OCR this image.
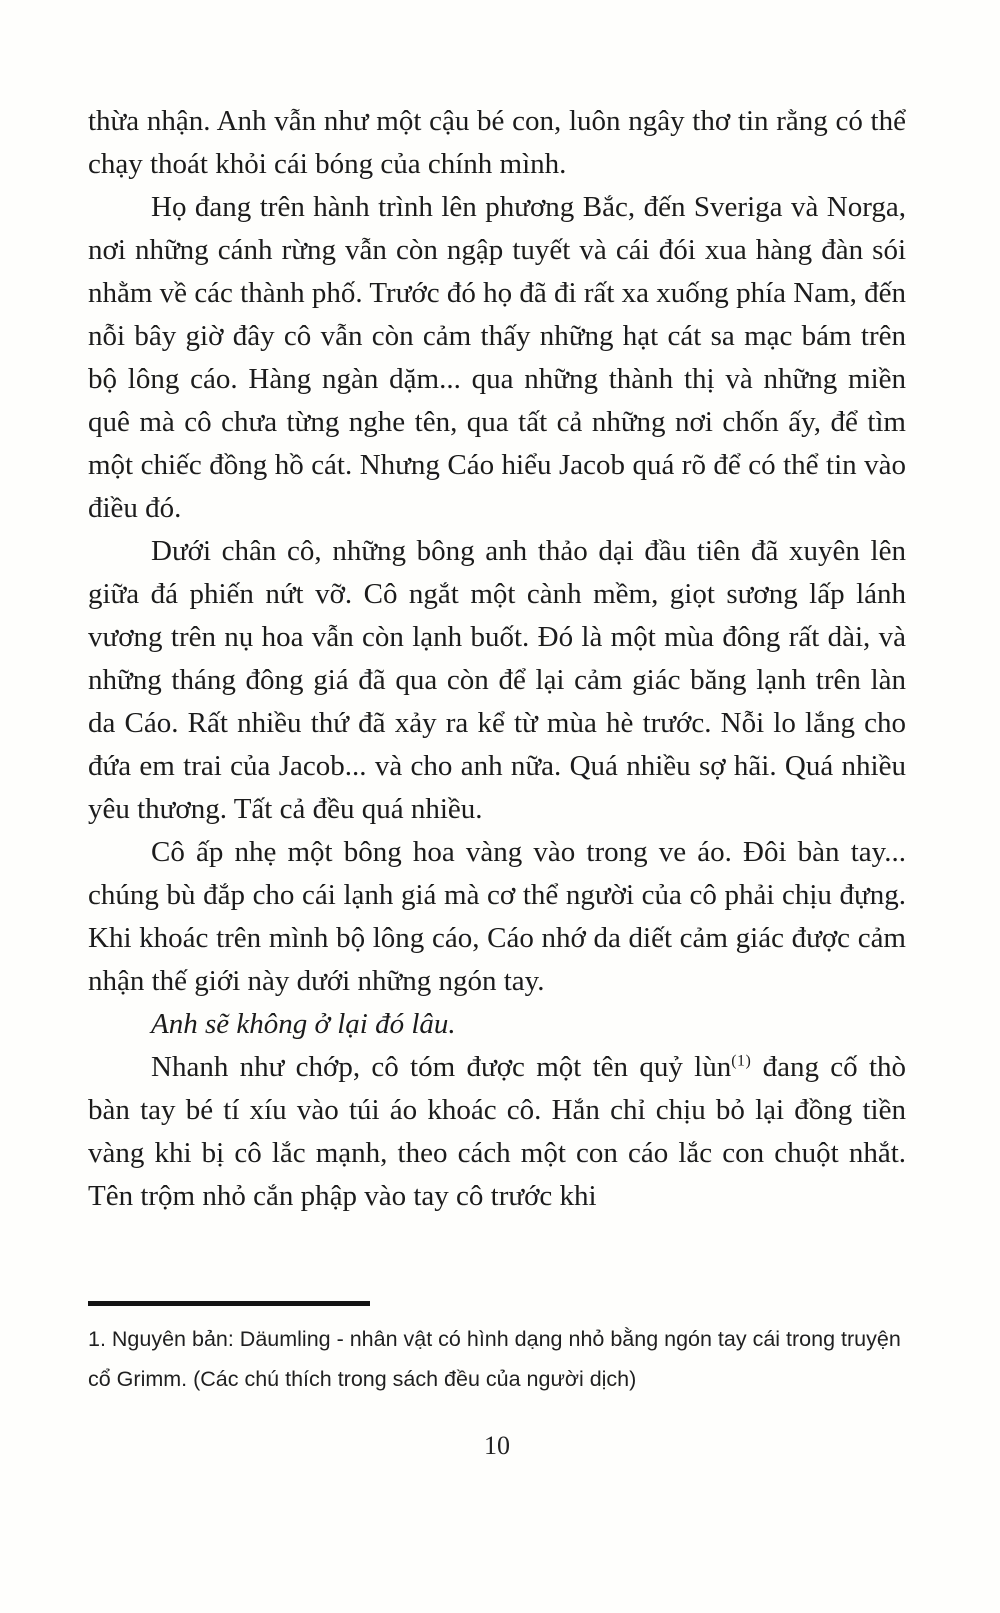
thừa nhận. Anh vẫn như một cậu bé con, luôn ngây thơ tin rằng có thể chạy thoát khỏi cái bóng của chính mình.

Họ đang trên hành trình lên phương Bắc, đến Sveriga và Norga, nơi những cánh rừng vẫn còn ngập tuyết và cái đói xua hàng đàn sói nhằm về các thành phố. Trước đó họ đã đi rất xa xuống phía Nam, đến nỗi bây giờ đây cô vẫn còn cảm thấy những hạt cát sa mạc bám trên bộ lông cáo. Hàng ngàn dặm... qua những thành thị và những miền quê mà cô chưa từng nghe tên, qua tất cả những nơi chốn ấy, để tìm một chiếc đồng hồ cát. Nhưng Cáo hiểu Jacob quá rõ để có thể tin vào điều đó.

Dưới chân cô, những bông anh thảo dại đầu tiên đã xuyên lên giữa đá phiến nứt vỡ. Cô ngắt một cành mềm, giọt sương lấp lánh vương trên nụ hoa vẫn còn lạnh buốt. Đó là một mùa đông rất dài, và những tháng đông giá đã qua còn để lại cảm giác băng lạnh trên làn da Cáo. Rất nhiều thứ đã xảy ra kể từ mùa hè trước. Nỗi lo lắng cho đứa em trai của Jacob... và cho anh nữa. Quá nhiều sợ hãi. Quá nhiều yêu thương. Tất cả đều quá nhiều.

Cô ấp nhẹ một bông hoa vàng vào trong ve áo. Đôi bàn tay... chúng bù đắp cho cái lạnh giá mà cơ thể người của cô phải chịu đựng. Khi khoác trên mình bộ lông cáo, Cáo nhớ da diết cảm giác được cảm nhận thế giới này dưới những ngón tay.

Anh sẽ không ở lại đó lâu.

Nhanh như chớp, cô tóm được một tên quỷ lùn$^{(1)}$ đang cố thò bàn tay bé tí xíu vào túi áo khoác cô. Hắn chỉ chịu bỏ lại đồng tiền vàng khi bị cô lắc mạnh, theo cách một con cáo lắc con chuột nhắt. Tên trộm nhỏ cắn phập vào tay cô trước khi

1. Nguyên bản: Däumling - nhân vật có hình dạng nhỏ bằng ngón tay cái trong truyện cổ Grimm. (Các chú thích trong sách đều của người dịch)

10
